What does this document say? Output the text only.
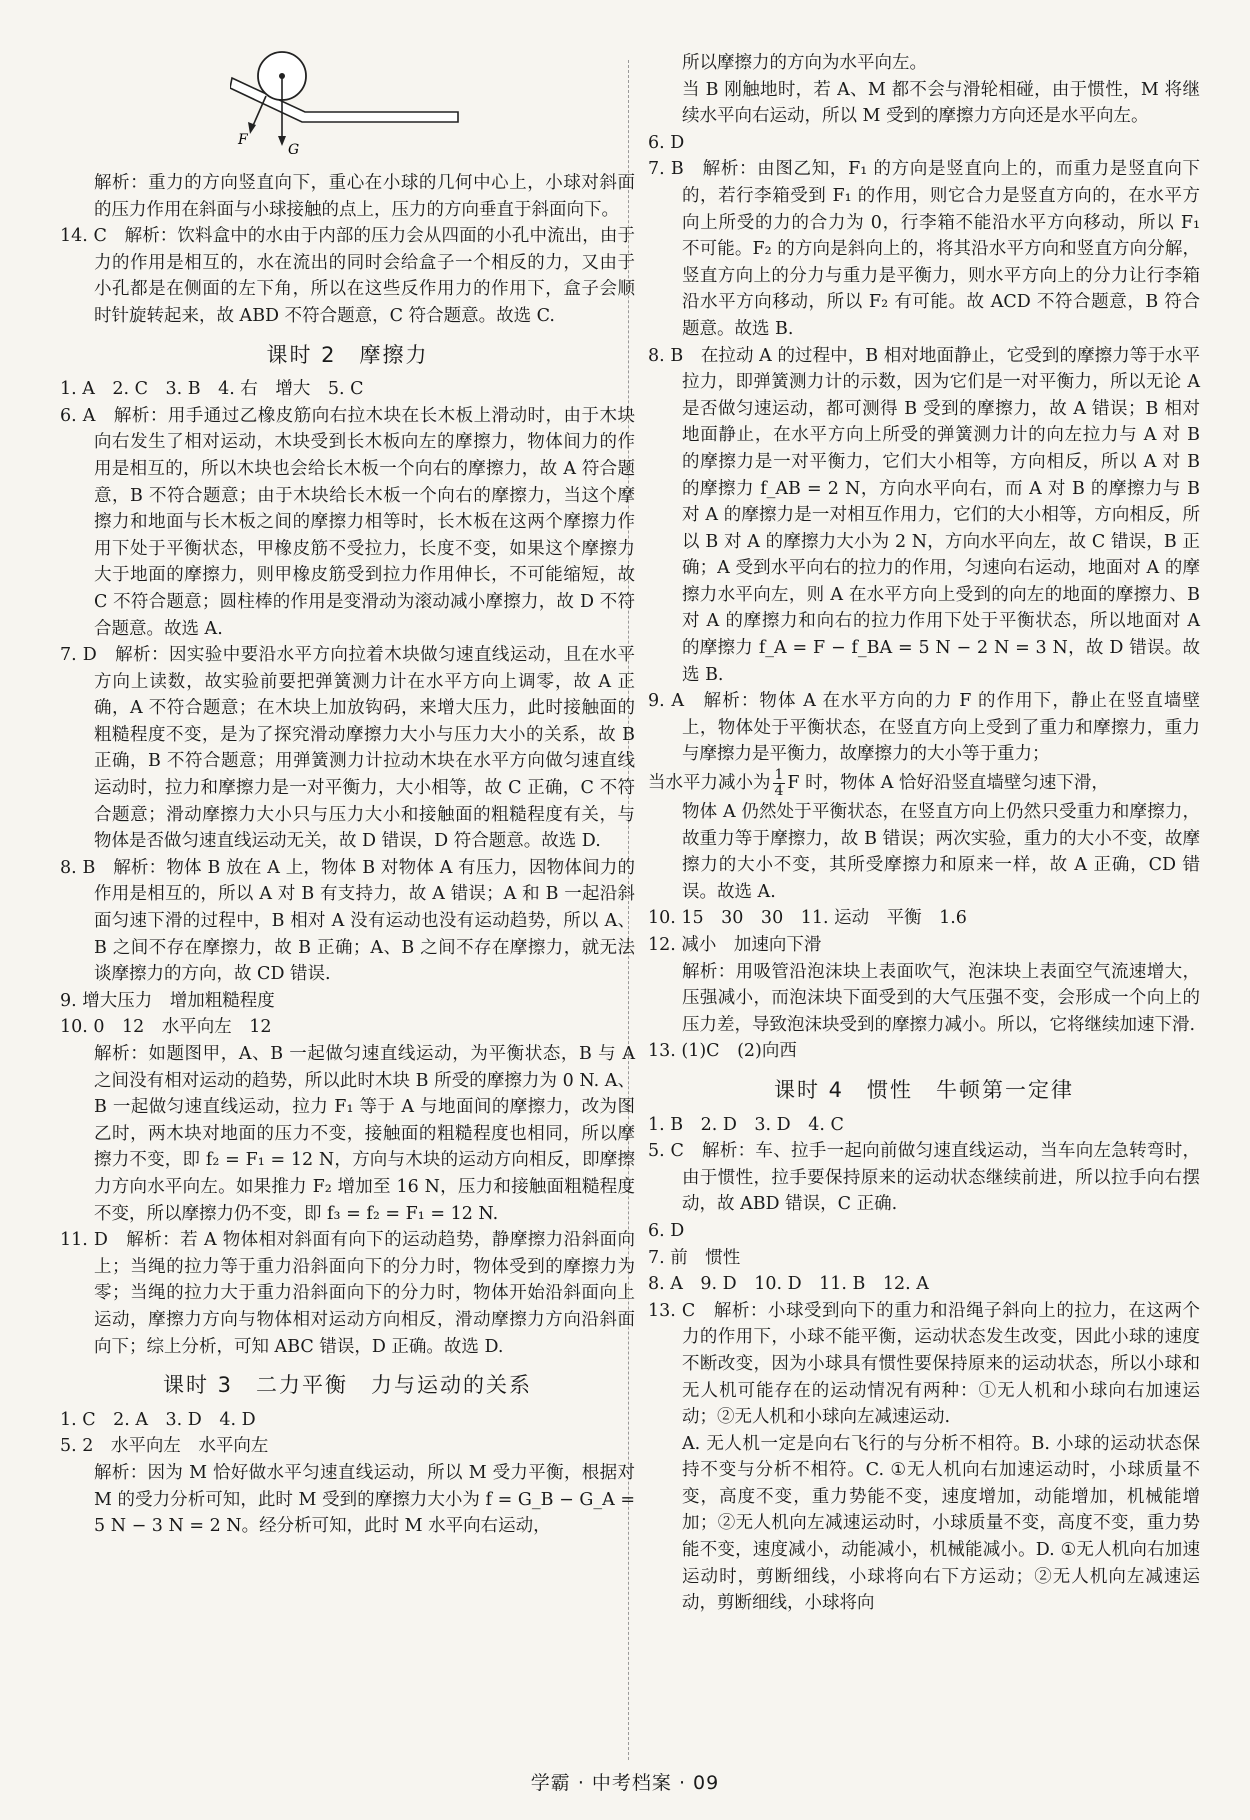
F
G

解析：重力的方向竖直向下，重心在小球的几何中心上，小球对斜面的压力作用在斜面与小球接触的点上，压力的方向垂直于斜面向下。

14. C　解析：饮料盒中的水由于内部的压力会从四面的小孔中流出，由于力的作用是相互的，水在流出的同时会给盒子一个相反的力，又由于小孔都是在侧面的左下角，所以在这些反作用力的作用下，盒子会顺时针旋转起来，故 ABD 不符合题意，C 符合题意。故选 C.

课时 2　摩擦力

1. A　2. C　3. B　4. 右　增大　5. C

6. A　解析：用手通过乙橡皮筋向右拉木块在长木板上滑动时，由于木块向右发生了相对运动，木块受到长木板向左的摩擦力，物体间力的作用是相互的，所以木块也会给长木板一个向右的摩擦力，故 A 符合题意，B 不符合题意；由于木块给长木板一个向右的摩擦力，当这个摩擦力和地面与长木板之间的摩擦力相等时，长木板在这两个摩擦力作用下处于平衡状态，甲橡皮筋不受拉力，长度不变，如果这个摩擦力大于地面的摩擦力，则甲橡皮筋受到拉力作用伸长，不可能缩短，故 C 不符合题意；圆柱棒的作用是变滑动为滚动减小摩擦力，故 D 不符合题意。故选 A.

7. D　解析：因实验中要沿水平方向拉着木块做匀速直线运动，且在水平方向上读数，故实验前要把弹簧测力计在水平方向上调零，故 A 正确，A 不符合题意；在木块上加放钩码，来增大压力，此时接触面的粗糙程度不变，是为了探究滑动摩擦力大小与压力大小的关系，故 B 正确，B 不符合题意；用弹簧测力计拉动木块在水平方向做匀速直线运动时，拉力和摩擦力是一对平衡力，大小相等，故 C 正确，C 不符合题意；滑动摩擦力大小只与压力大小和接触面的粗糙程度有关，与物体是否做匀速直线运动无关，故 D 错误，D 符合题意。故选 D.

8. B　解析：物体 B 放在 A 上，物体 B 对物体 A 有压力，因物体间力的作用是相互的，所以 A 对 B 有支持力，故 A 错误；A 和 B 一起沿斜面匀速下滑的过程中，B 相对 A 没有运动也没有运动趋势，所以 A、B 之间不存在摩擦力，故 B 正确；A、B 之间不存在摩擦力，就无法谈摩擦力的方向，故 CD 错误.

9. 增大压力　增加粗糙程度

10. 0　12　水平向左　12

解析：如题图甲，A、B 一起做匀速直线运动，为平衡状态，B 与 A 之间没有相对运动的趋势，所以此时木块 B 所受的摩擦力为 0 N. A、B 一起做匀速直线运动，拉力 F₁ 等于 A 与地面间的摩擦力，改为图乙时，两木块对地面的压力不变，接触面的粗糙程度也相同，所以摩擦力不变，即 f₂ = F₁ = 12 N，方向与木块的运动方向相反，即摩擦力方向水平向左。如果推力 F₂ 增加至 16 N，压力和接触面粗糙程度不变，所以摩擦力仍不变，即 f₃ = f₂ = F₁ = 12 N.

11. D　解析：若 A 物体相对斜面有向下的运动趋势，静摩擦力沿斜面向上；当绳的拉力等于重力沿斜面向下的分力时，物体受到的摩擦力为零；当绳的拉力大于重力沿斜面向下的分力时，物体开始沿斜面向上运动，摩擦力方向与物体相对运动方向相反，滑动摩擦力方向沿斜面向下；综上分析，可知 ABC 错误，D 正确。故选 D.

课时 3　二力平衡　力与运动的关系

1. C　2. A　3. D　4. D

5. 2　水平向左　水平向左

解析：因为 M 恰好做水平匀速直线运动，所以 M 受力平衡，根据对 M 的受力分析可知，此时 M 受到的摩擦力大小为 f = G_B − G_A = 5 N − 3 N = 2 N。经分析可知，此时 M 水平向右运动，

所以摩擦力的方向为水平向左。

当 B 刚触地时，若 A、M 都不会与滑轮相碰，由于惯性，M 将继续水平向右运动，所以 M 受到的摩擦力方向还是水平向左。

6. D

7. B　解析：由图乙知，F₁ 的方向是竖直向上的，而重力是竖直向下的，若行李箱受到 F₁ 的作用，则它合力是竖直方向的，在水平方向上所受的力的合力为 0，行李箱不能沿水平方向移动，所以 F₁ 不可能。F₂ 的方向是斜向上的，将其沿水平方向和竖直方向分解，竖直方向上的分力与重力是平衡力，则水平方向上的分力让行李箱沿水平方向移动，所以 F₂ 有可能。故 ACD 不符合题意，B 符合题意。故选 B.

8. B　在拉动 A 的过程中，B 相对地面静止，它受到的摩擦力等于水平拉力，即弹簧测力计的示数，因为它们是一对平衡力，所以无论 A 是否做匀速运动，都可测得 B 受到的摩擦力，故 A 错误；B 相对地面静止，在水平方向上所受的弹簧测力计的向左拉力与 A 对 B 的摩擦力是一对平衡力，它们大小相等，方向相反，所以 A 对 B 的摩擦力 f_AB = 2 N，方向水平向右，而 A 对 B 的摩擦力与 B 对 A 的摩擦力是一对相互作用力，它们的大小相等，方向相反，所以 B 对 A 的摩擦力大小为 2 N，方向水平向左，故 C 错误，B 正确；A 受到水平向右的拉力的作用，匀速向右运动，地面对 A 的摩擦力水平向左，则 A 在水平方向上受到的向左的地面的摩擦力、B 对 A 的摩擦力和向右的拉力作用下处于平衡状态，所以地面对 A 的摩擦力 f_A = F − f_BA = 5 N − 2 N = 3 N，故 D 错误。故选 B.

9. A　解析：物体 A 在水平方向的力 F 的作用下，静止在竖直墙壁上，物体处于平衡状态，在竖直方向上受到了重力和摩擦力，重力与摩擦力是平衡力，故摩擦力的大小等于重力；

当水平力减小为 $\frac{1}{4}$ F 时，物体 A 恰好沿竖直墙壁匀速下滑，

物体 A 仍然处于平衡状态，在竖直方向上仍然只受重力和摩擦力，故重力等于摩擦力，故 B 错误；两次实验，重力的大小不变，故摩擦力的大小不变，其所受摩擦力和原来一样，故 A 正确，CD 错误。故选 A.

10. 15　30　30　11. 运动　平衡　1.6

12. 减小　加速向下滑

解析：用吸管沿泡沫块上表面吹气，泡沫块上表面空气流速增大，压强减小，而泡沫块下面受到的大气压强不变，会形成一个向上的压力差，导致泡沫块受到的摩擦力减小。所以，它将继续加速下滑.

13. (1)C　(2)向西

课时 4　惯性　牛顿第一定律

1. B　2. D　3. D　4. C

5. C　解析：车、拉手一起向前做匀速直线运动，当车向左急转弯时，由于惯性，拉手要保持原来的运动状态继续前进，所以拉手向右摆动，故 ABD 错误，C 正确.

6. D

7. 前　惯性

8. A　9. D　10. D　11. B　12. A

13. C　解析：小球受到向下的重力和沿绳子斜向上的拉力，在这两个力的作用下，小球不能平衡，运动状态发生改变，因此小球的速度不断改变，因为小球具有惯性要保持原来的运动状态，所以小球和无人机可能存在的运动情况有两种：①无人机和小球向右加速运动；②无人机和小球向左减速运动.

A. 无人机一定是向右飞行的与分析不相符。B. 小球的运动状态保持不变与分析不相符。C. ①无人机向右加速运动时，小球质量不变，高度不变，重力势能不变，速度增加，动能增加，机械能增加；②无人机向左减速运动时，小球质量不变，高度不变，重力势能不变，速度减小，动能减小，机械能减小。D. ①无人机向右加速运动时，剪断细线，小球将向右下方运动；②无人机向左减速运动，剪断细线，小球将向

学霸 · 中考档案 · 09
